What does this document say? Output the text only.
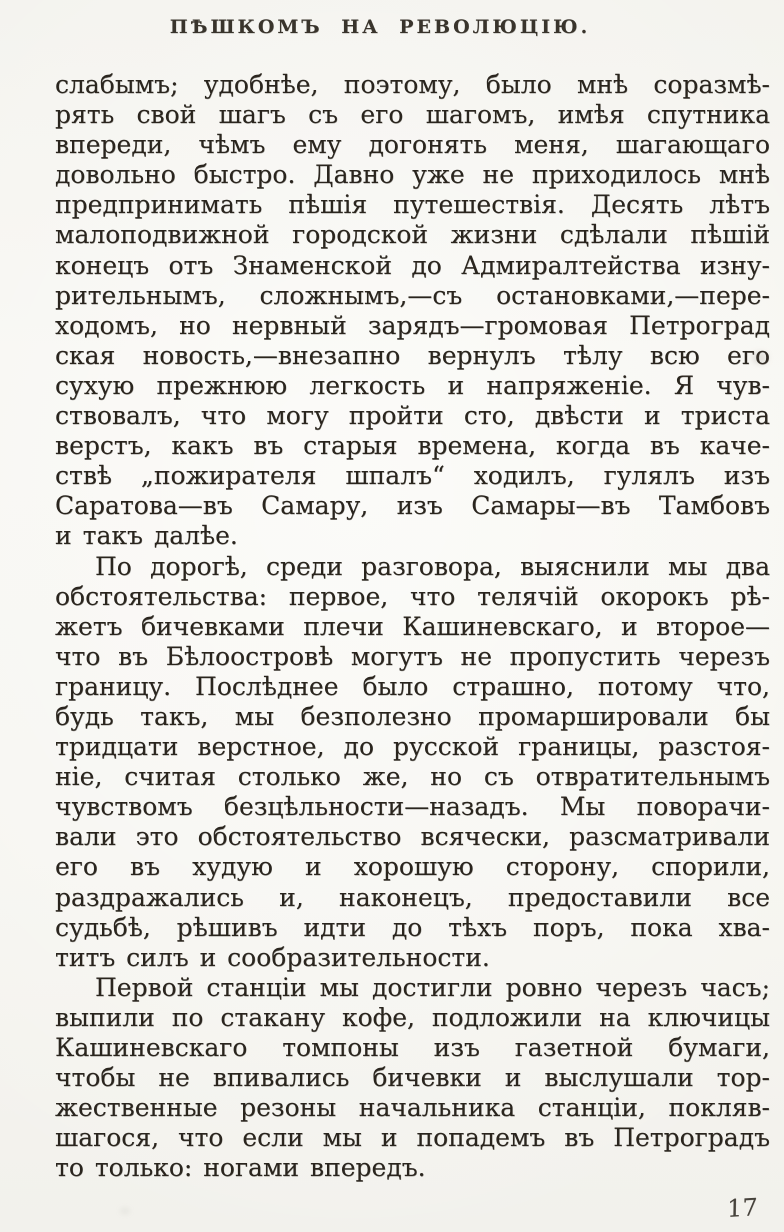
ПѢШКОМЪ НА РЕВОЛЮЦІЮ.
слабымъ; удобнѣе, поэтому, было мнѣ соразмѣ-
рять свой шагъ съ его шагомъ, имѣя спутника
впереди, чѣмъ ему догонять меня, шагающаго
довольно быстро. Давно уже не приходилось мнѣ
предпринимать пѣшія путешествія. Десять лѣтъ
малоподвижной городской жизни сдѣлали пѣшій
конецъ отъ Знаменской до Адмиралтейства изну-
рительнымъ, сложнымъ,—съ остановками,—пере-
ходомъ, но нервный зарядъ—громовая Петроград
ская новость,—внезапно вернулъ тѣлу всю его
сухую прежнюю легкость и напряженіе. Я чув-
ствовалъ, что могу пройти сто, двѣсти и триста
верстъ, какъ въ старыя времена, когда въ каче-
ствѣ „пожирателя шпалъ“ ходилъ, гулялъ изъ
Саратова—въ Самару, изъ Самары—въ Тамбовъ
и такъ далѣе.
По дорогѣ, среди разговора, выяснили мы два
обстоятельства: первое, что телячій окорокъ рѣ-
жетъ бичевками плечи Кашиневскаго, и второе—
что въ Бѣлоостровѣ могутъ не пропустить черезъ
границу. Послѣднее было страшно, потому что,
будь такъ, мы безполезно промаршировали бы
тридцати верстное, до русской границы, разстоя-
ніе, считая столько же, но съ отвратительнымъ
чувствомъ безцѣльности—назадъ. Мы поворачи-
вали это обстоятельство всячески, разсматривали
его въ худую и хорошую сторону, спорили,
раздражались и, наконецъ, предоставили все
судьбѣ, рѣшивъ идти до тѣхъ поръ, пока хва-
титъ силъ и сообразительности.
Первой станціи мы достигли ровно черезъ часъ;
выпили по стакану кофе, подложили на ключицы
Кашиневскаго томпоны изъ газетной бумаги,
чтобы не впивались бичевки и выслушали тор-
жественные резоны начальника станціи, покляв-
шагося, что если мы и попадемъ въ Петроградъ
то только: ногами впередъ.
17
